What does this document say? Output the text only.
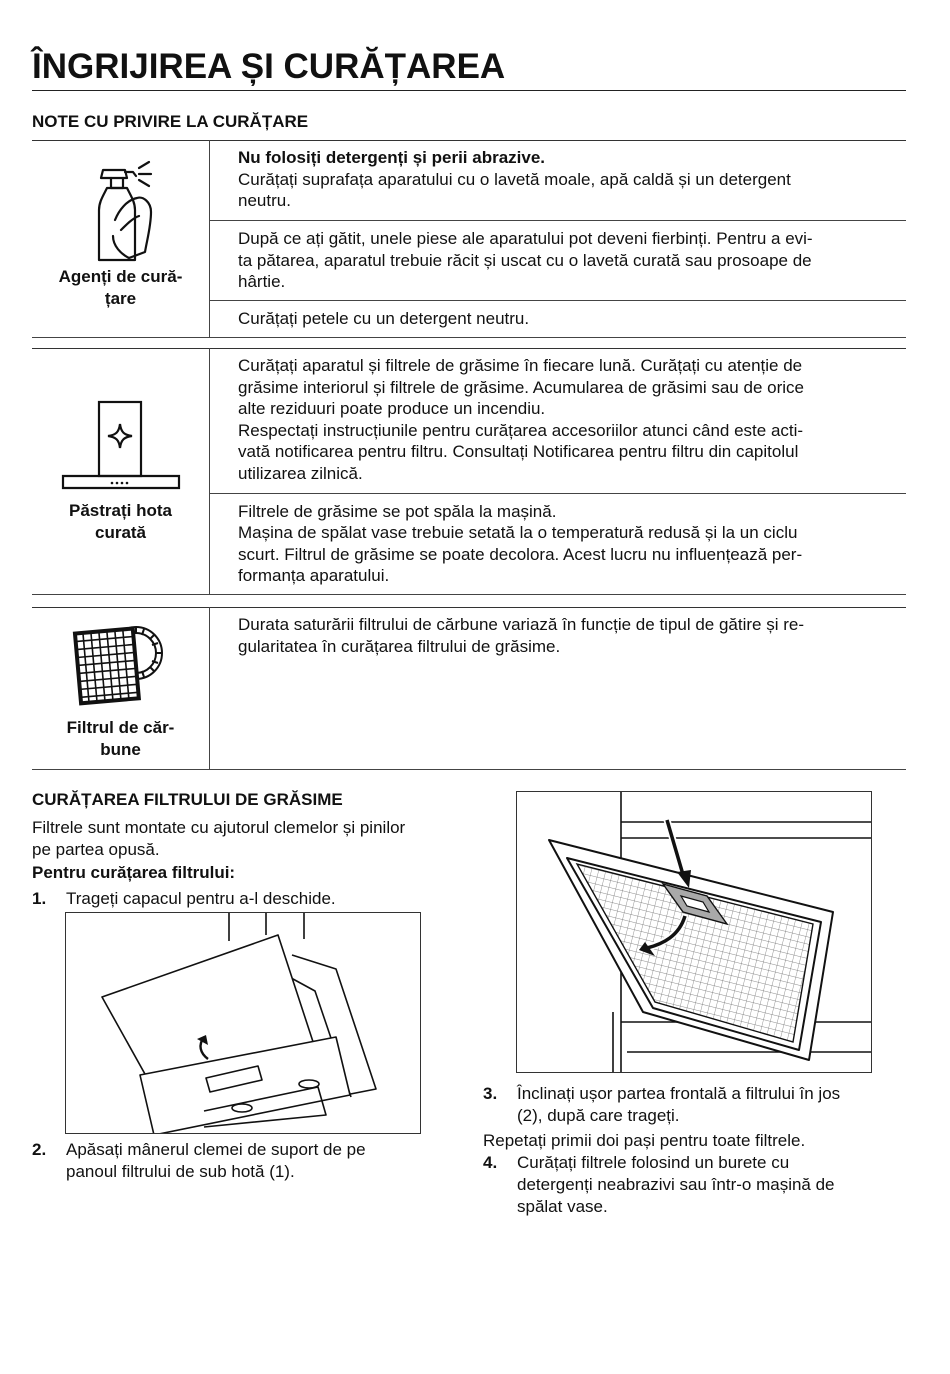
ÎNGRIJIREA ȘI CURĂȚAREA
NOTE CU PRIVIRE LA CURĂȚARE
Agenți de cură-
țare

Nu folosiți detergenți și perii abrazive.
Curățați suprafața aparatului cu o lavetă moale, apă caldă și un detergent
neutru.

După ce ați gătit, unele piese ale aparatului pot deveni fierbinți. Pentru a evi-
ta pătarea, aparatul trebuie răcit și uscat cu o lavetă curată sau prosoape de
hârtie.

Curățați petele cu un detergent neutru.
Păstrați hota
curată

Curățați aparatul și filtrele de grăsime în fiecare lună. Curățați cu atenție de
grăsime interiorul și filtrele de grăsime. Acumularea de grăsimi sau de orice
alte reziduuri poate produce un incendiu.
Respectați instrucțiunile pentru curățarea accesoriilor atunci când este acti-
vată notificarea pentru filtru. Consultați Notificarea pentru filtru din capitolul
utilizarea zilnică.

Filtrele de grăsime se pot spăla la mașină.
Mașina de spălat vase trebuie setată la o temperatură redusă și la un ciclu
scurt. Filtrul de grăsime se poate decolora. Acest lucru nu influențează per-
formanța aparatului.
Filtrul de căr-
bune

Durata saturării filtrului de cărbune variază în funcție de tipul de gătire și re-
gularitatea în curățarea filtrului de grăsime.
CURĂȚAREA FILTRULUI DE GRĂSIME
Filtrele sunt montate cu ajutorul clemelor și pinilor
pe partea opusă.
Pentru curățarea filtrului:
1. Trageți capacul pentru a-l deschide.
2. Apăsați mânerul clemei de suport de pe
panoul filtrului de sub hotă (1).
3. Înclinați ușor partea frontală a filtrului în jos
(2), după care trageți.
Repetați primii doi pași pentru toate filtrele.
4. Curățați filtrele folosind un burete cu
detergenți neabrazivi sau într-o mașină de
spălat vase.
